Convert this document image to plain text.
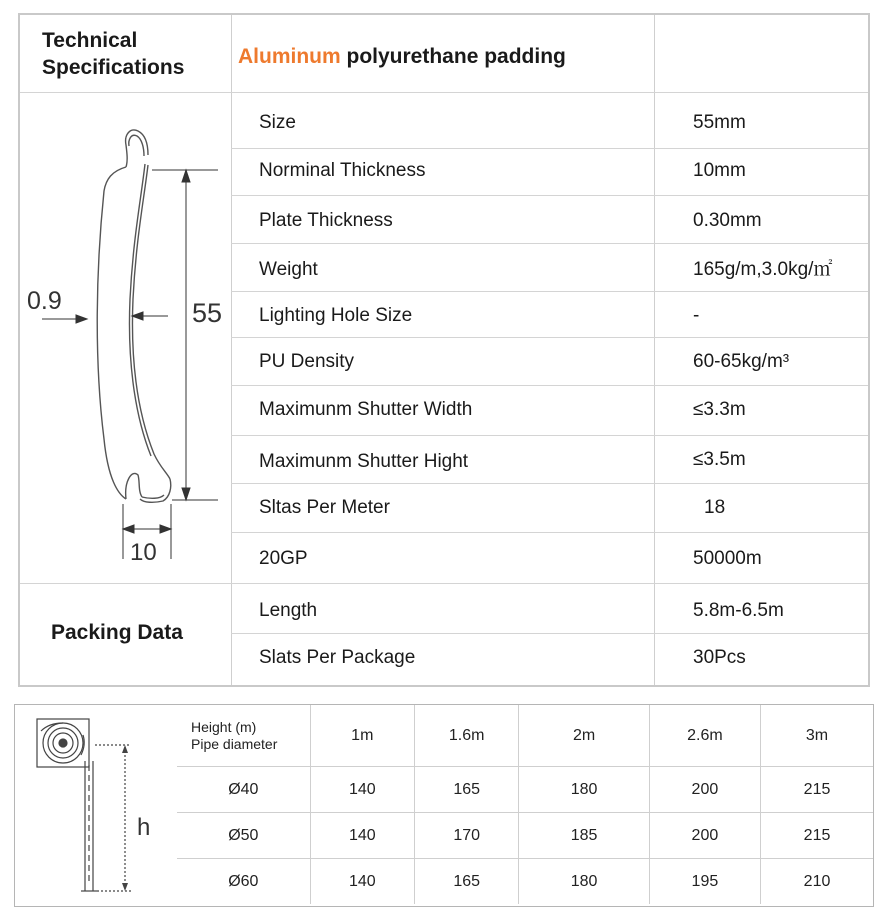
Technical
Specifications	Aluminum polyurethane padding
Size	55mm
Norminal Thickness	10mm
Plate Thickness	0.30mm
Weight	165g/m,3.0kg/㎡
Lighting Hole Size	-
PU Density	60-65kg/m³
Maximunm Shutter Width	≤3.3m
Maximunm Shutter Hight	≤3.5m
Sltas Per Meter	18
20GP	50000m
Length	5.8m-6.5m
Slats Per Package	30Pcs
Packing Data
0.9	55
10
h
Height (m)
Pipe diameter	1m	1.6m	2m	2.6m	3m
Ø40	140	165	180	200	215
Ø50	140	170	185	200	215
Ø60	140	165	180	195	210
